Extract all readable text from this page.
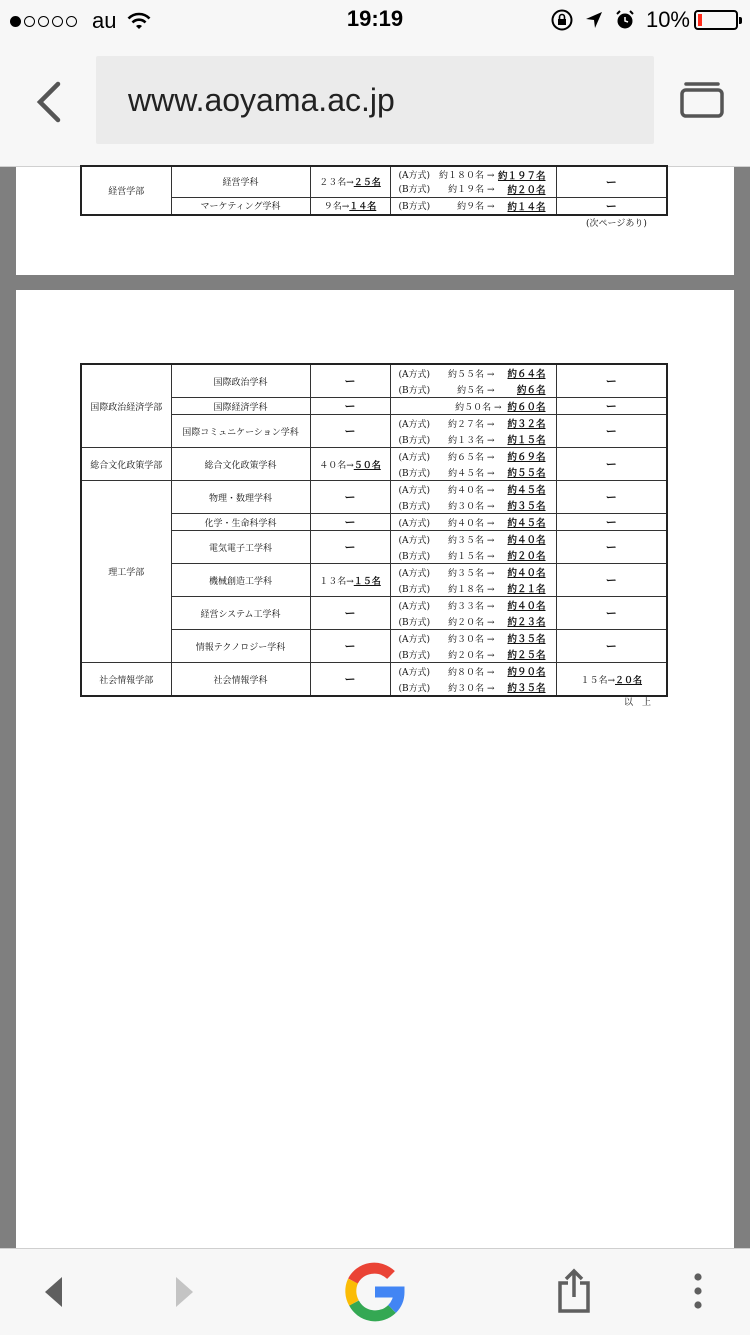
au	19:19	10%
www.aoyama.ac.jp
経営学部	経営学科	２３名→２５名	(A方式)　約１８０名 → 約１９７名
(B方式)　　約１９名 → 約２０名	ー
	マーケティング学科	９名→１４名	(B方式)　　　約９名 → 約１４名	ー
(次ページあり)
国際政治経済学部	国際政治学科	ー	(A方式)　　約５５名 → 約６４名
(B方式)　　　約５名 → 約６名	ー
	国際経済学科	ー	約５０名 → 約６０名	ー
	国際コミュニケーション学科	ー	(A方式)　　約２７名 → 約３２名
(B方式)　　約１３名 → 約１５名	ー
総合文化政策学部	総合文化政策学科	４０名→５０名	(A方式)　　約６５名 → 約６９名
(B方式)　　約４５名 → 約５５名	ー
理工学部	物理・数理学科	ー	(A方式)　　約４０名 → 約４５名
(B方式)　　約３０名 → 約３５名	ー
	化学・生命科学科	ー	(A方式)　　約４０名 → 約４５名	ー
	電気電子工学科	ー	(A方式)　　約３５名 → 約４０名
(B方式)　　約１５名 → 約２０名	ー
	機械創造工学科	１３名→１５名	(A方式)　　約３５名 → 約４０名
(B方式)　　約１８名 → 約２１名	ー
	経営システム工学科	ー	(A方式)　　約３３名 → 約４０名
(B方式)　　約２０名 → 約２３名	ー
	情報テクノロジー学科	ー	(A方式)　　約３０名 → 約３５名
(B方式)　　約２０名 → 約２５名	ー
社会情報学部	社会情報学科	ー	(A方式)　　約８０名 → 約９０名
(B方式)　　約３０名 → 約３５名	１５名→２０名
以　上
